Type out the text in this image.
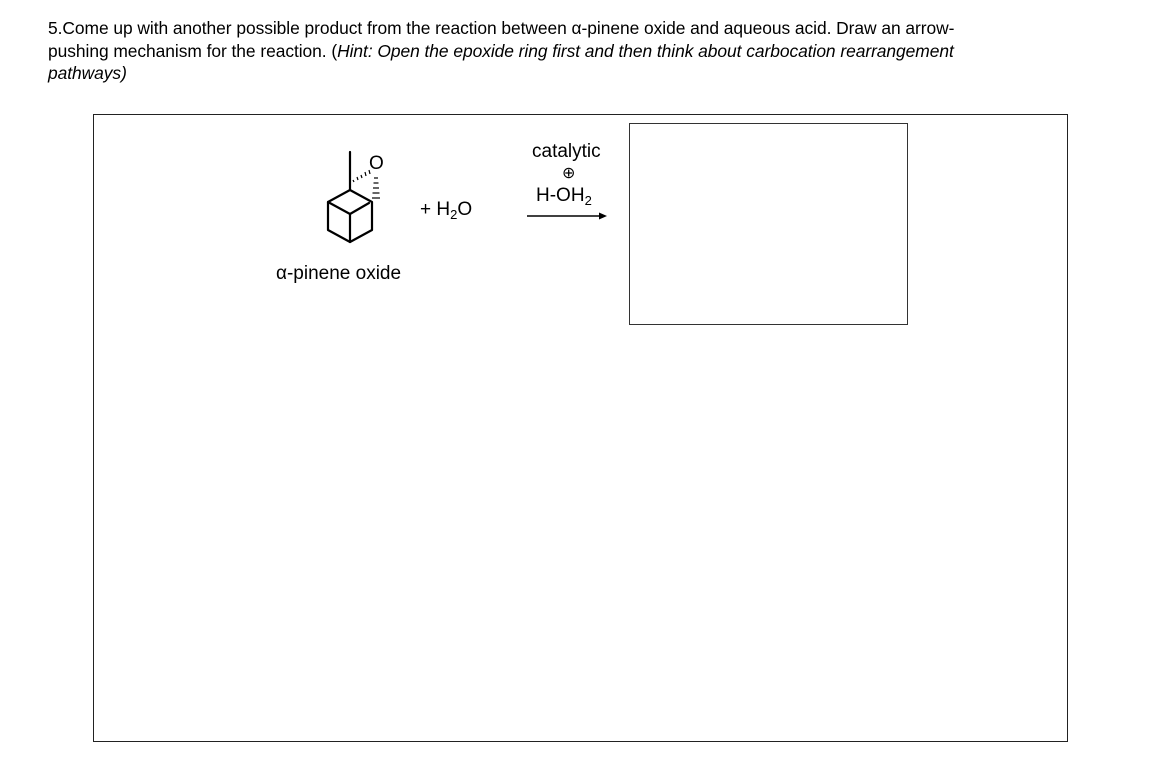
5.Come up with another possible product from the reaction between α-pinene oxide and aqueous acid. Draw an arrow-
pushing mechanism for the reaction. (Hint: Open the epoxide ring first and then think about carbocation rearrangement
pathways)
O
+ $H_2O$
catalytic
⊕
$H-OH_2$
α-pinene oxide
